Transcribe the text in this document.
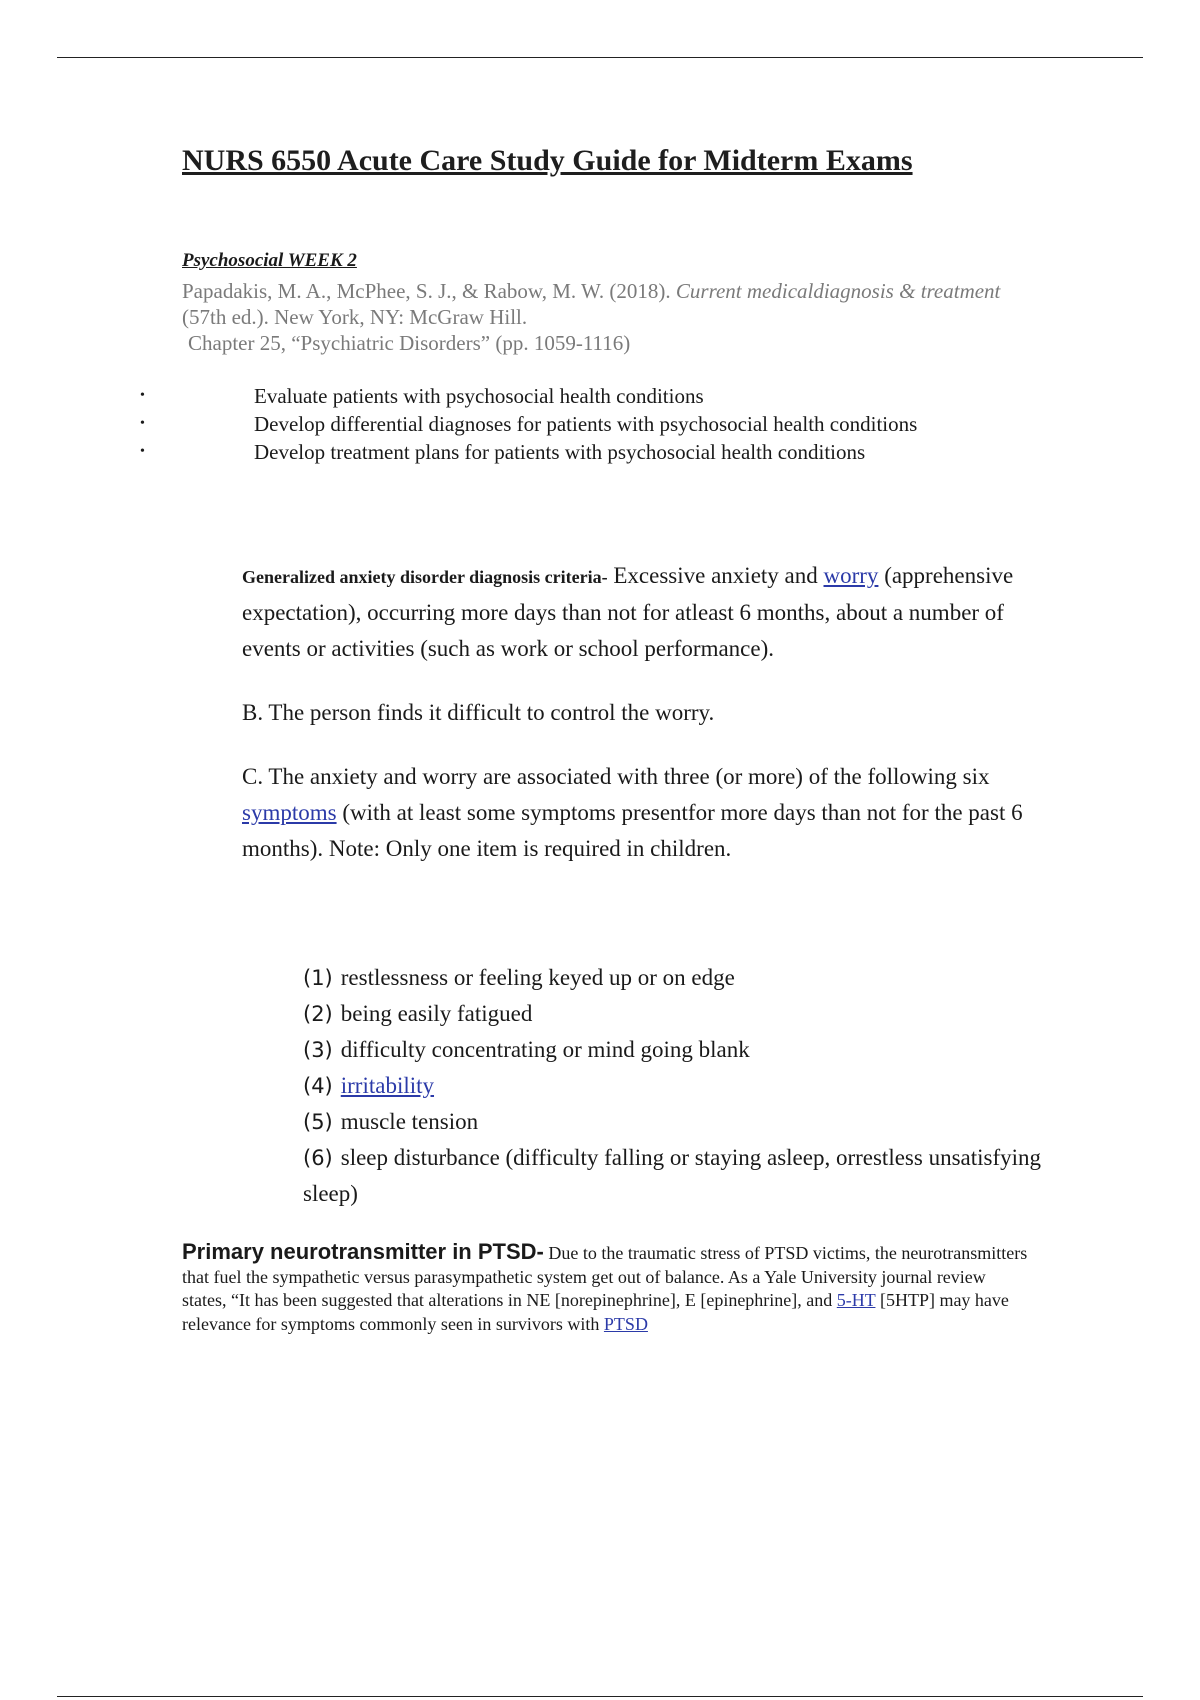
NURS 6550 Acute Care Study Guide for Midterm Exams
Psychosocial WEEK 2
Papadakis, M. A., McPhee, S. J., & Rabow, M. W. (2018). Current medicaldiagnosis & treatment (57th ed.). New York, NY: McGraw Hill.
Chapter 25, “Psychiatric Disorders” (pp. 1059-1116)
•	Evaluate patients with psychosocial health conditions
•	Develop differential diagnoses for patients with psychosocial health conditions
•	Develop treatment plans for patients with psychosocial health conditions

Generalized anxiety disorder diagnosis criteria- Excessive anxiety and worry (apprehensive expectation), occurring more days than not for atleast 6 months, about a number of events or activities (such as work or school performance).

B. The person finds it difficult to control the worry.

C. The anxiety and worry are associated with three (or more) of the following six symptoms (with at least some symptoms presentfor more days than not for the past 6 months). Note: Only one item is required in children.

(1) restlessness or feeling keyed up or on edge
(2) being easily fatigued
(3) difficulty concentrating or mind going blank
(4) irritability
(5) muscle tension
(6) sleep disturbance (difficulty falling or staying asleep, orrestless unsatisfying sleep)
Primary neurotransmitter in PTSD- Due to the traumatic stress of PTSD victims, the neurotransmitters that fuel the sympathetic versus parasympathetic system get out of balance. As a Yale University journal review states, “It has been suggested that alterations in NE [norepinephrine], E [epinephrine], and 5-HT [5HTP] may have relevance for symptoms commonly seen in survivors with PTSD
